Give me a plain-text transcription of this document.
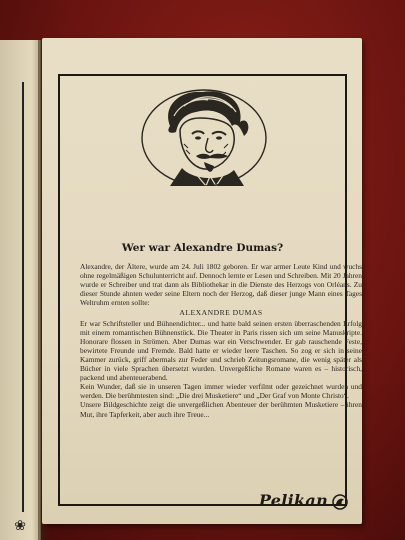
❀
Wer war Alexandre Dumas?

Alexandre, der Ältere, wurde am 24. Juli 1802 geboren. Er war armer Leute Kind und wuchs ohne regelmäßigen Schulunterricht auf. Dennoch lernte er Lesen und Schreiben. Mit 20 Jahren wurde er Schreiber und trat dann als Bibliothekar in die Dienste des Herzogs von Orléans. Zu dieser Stunde ahnten weder seine Eltern noch der Herzog, daß dieser junge Mann eines Tages Weltruhm ernten sollte:

ALEXANDRE DUMAS

Er war Schriftsteller und Bühnendichter... und hatte bald seinen ersten überraschenden Erfolg mit einem romantischen Bühnenstück. Die Theater in Paris rissen sich um seine Manuskripte. Honorare flossen in Strömen. Aber Dumas war ein Verschwender. Er gab rauschende Feste, bewirtete Freunde und Fremde. Bald hatte er wieder leere Taschen. So zog er sich in seine Kammer zurück, griff abermals zur Feder und schrieb Zeitungsromane, die wenig später als Bücher in viele Sprachen übersetzt wurden. Unvergeßliche Romane waren es – historisch, packend und abenteuerabend.

Kein Wunder, daß sie in unseren Tagen immer wieder verfilmt oder gezeichnet wurden und werden. Die berühmtesten sind: „Die drei Musketiere“ und „Der Graf von Monte Christo“.

Unsere Bildgeschichte zeigt die unvergeßlichen Abenteuer der berühmten Musketiere – ihren Mut, ihre Tapferkeit, aber auch ihre Treue...

Pelikan
